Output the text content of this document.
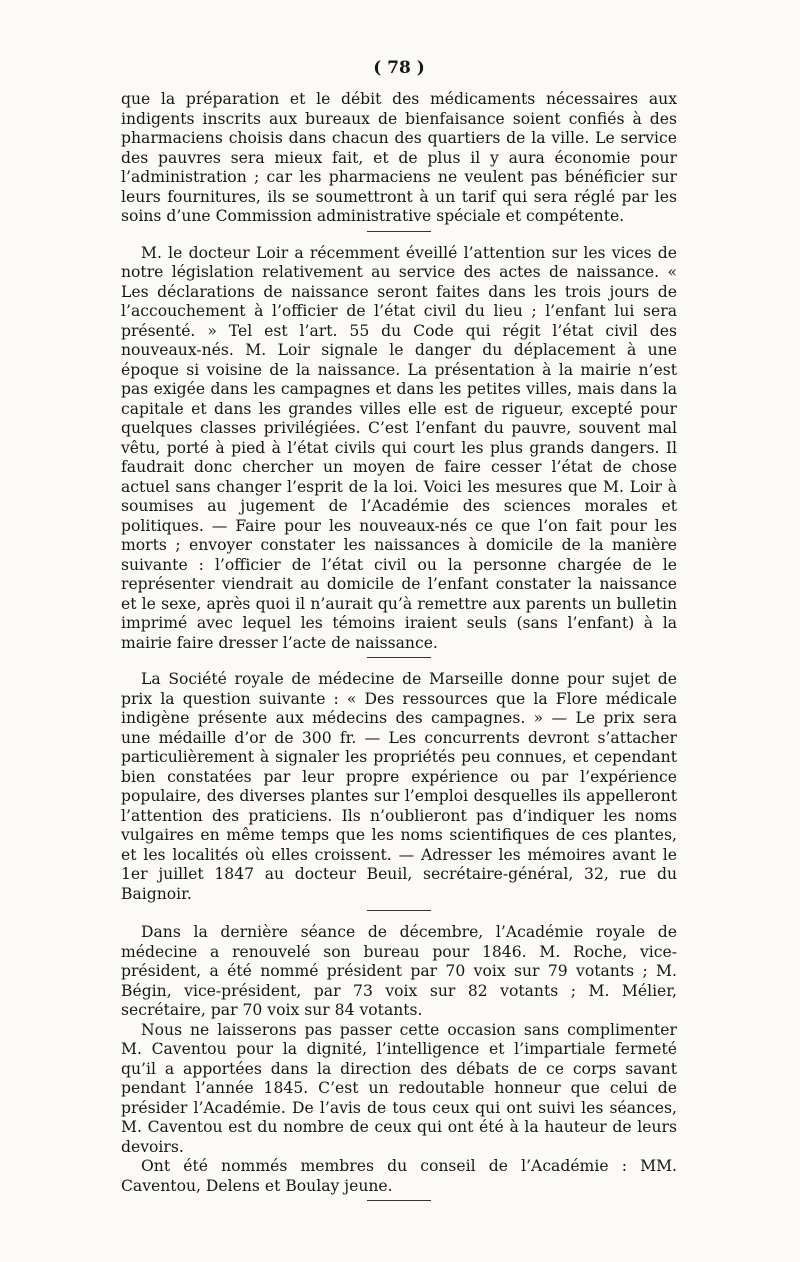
( 78 )

que la préparation et le débit des médicaments nécessaires aux indigents inscrits aux bureaux de bienfaisance soient confiés à des pharmaciens choisis dans chacun des quartiers de la ville. Le service des pauvres sera mieux fait, et de plus il y aura économie pour l’administration ; car les pharmaciens ne veulent pas bénéficier sur leurs fournitures, ils se soumettront à un tarif qui sera réglé par les soins d’une Commission administrative spéciale et compétente.

M. le docteur Loir a récemment éveillé l’attention sur les vices de notre législation relativement au service des actes de naissance. « Les déclarations de naissance seront faites dans les trois jours de l’accouchement à l’officier de l’état civil du lieu ; l’enfant lui sera présenté. » Tel est l’art. 55 du Code qui régit l’état civil des nouveaux-nés. M. Loir signale le danger du déplacement à une époque si voisine de la naissance. La présentation à la mairie n’est pas exigée dans les campagnes et dans les petites villes, mais dans la capitale et dans les grandes villes elle est de rigueur, excepté pour quelques classes privilégiées. C’est l’enfant du pauvre, souvent mal vêtu, porté à pied à l’état civils qui court les plus grands dangers. Il faudrait donc chercher un moyen de faire cesser l’état de chose actuel sans changer l’esprit de la loi. Voici les mesures que M. Loir à soumises au jugement de l’Académie des sciences morales et politiques. — Faire pour les nouveaux-nés ce que l’on fait pour les morts ; envoyer constater les naissances à domicile de la manière suivante : l’officier de l’état civil ou la personne chargée de le représenter viendrait au domicile de l’enfant constater la naissance et le sexe, après quoi il n’aurait qu’à remettre aux parents un bulletin imprimé avec lequel les témoins iraient seuls (sans l’enfant) à la mairie faire dresser l’acte de naissance.

La Société royale de médecine de Marseille donne pour sujet de prix la question suivante : « Des ressources que la Flore médicale indigène présente aux médecins des campagnes. » — Le prix sera une médaille d’or de 300 fr. — Les concurrents devront s’attacher particulièrement à signaler les propriétés peu connues, et cependant bien constatées par leur propre expérience ou par l’expérience populaire, des diverses plantes sur l’emploi desquelles ils appelleront l’attention des praticiens. Ils n’oublieront pas d’indiquer les noms vulgaires en même temps que les noms scientifiques de ces plantes, et les localités où elles croissent. — Adresser les mémoires avant le 1er juillet 1847 au docteur Beuil, secrétaire-général, 32, rue du Baignoir.

Dans la dernière séance de décembre, l’Académie royale de médecine a renouvelé son bureau pour 1846. M. Roche, vice-président, a été nommé président par 70 voix sur 79 votants ; M. Bégin, vice-président, par 73 voix sur 82 votants ; M. Mélier, secrétaire, par 70 voix sur 84 votants.

Nous ne laisserons pas passer cette occasion sans complimenter M. Caventou pour la dignité, l’intelligence et l’impartiale fermeté qu’il a apportées dans la direction des débats de ce corps savant pendant l’année 1845. C’est un redoutable honneur que celui de présider l’Académie. De l’avis de tous ceux qui ont suivi les séances, M. Caventou est du nombre de ceux qui ont été à la hauteur de leurs devoirs.

Ont été nommés membres du conseil de l’Académie : MM. Caventou, Delens et Boulay jeune.
